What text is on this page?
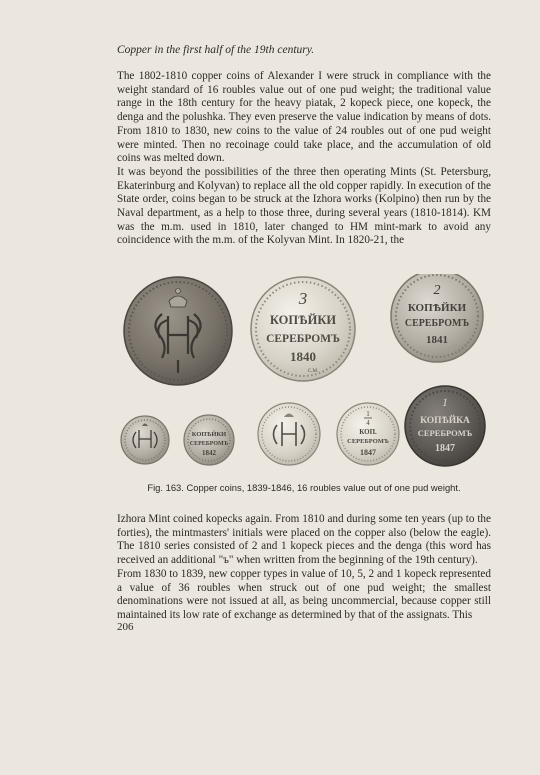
Copper in the first half of the 19th century.
The 1802-1810 copper coins of Alexander I were struck in compliance with the weight standard of 16 roubles value out of one pud weight; the traditional value range in the 18th century for the heavy piatak, 2 kopeck piece, one kopeck, the denga and the polushka. They even preserve the value indication by means of dots. From 1810 to 1830, new coins to the value of 24 roubles out of one pud weight were minted. Then no recoinage could take place, and the accumulation of old coins was melted down.
It was beyond the possibilities of the three then operating Mints (St. Petersburg, Ekaterinburg and Kolyvan) to replace all the old copper rapidly. In execution of the State order, coins began to be struck at the Izhora works (Kolpino) then run by the Naval department, as a help to those three, during several years (1810-1814). KM was the m.m. used in 1810, later changed to HM mint-mark to avoid any coincidence with the m.m. of the Kolyvan Mint. In 1820-21, the
3
КОПѢЙКИ
СЕРЕБРОМЪ
1840
С.М.
2
КОПѢЙКИ
СЕРЕБРОМЪ
1841
КОПѢЙКИ
СЕРЕБРОМЪ
1842
1
4
КОП.
СЕРЕБРОМЪ
1847
1
КОПѢЙКА
СЕРЕБРОМЪ
1847
Fig. 163. Copper coins, 1839-1846, 16 roubles value out of one pud weight.
Izhora Mint coined kopecks again. From 1810 and during some ten years (up to the forties), the mintmasters' initials were placed on the copper also (below the eagle). The 1810 series consisted of 2 and 1 kopeck pieces and the denga (this word has received an additional "ъ" when written from the beginning of the 19th century).
From 1830 to 1839, new copper types in value of 10, 5, 2 and 1 kopeck represented a value of 36 roubles when struck out of one pud weight; the smallest denominations were not issued at all, as being uncommercial, because copper still maintained its low rate of exchange as determined by that of the assignats. This
206
